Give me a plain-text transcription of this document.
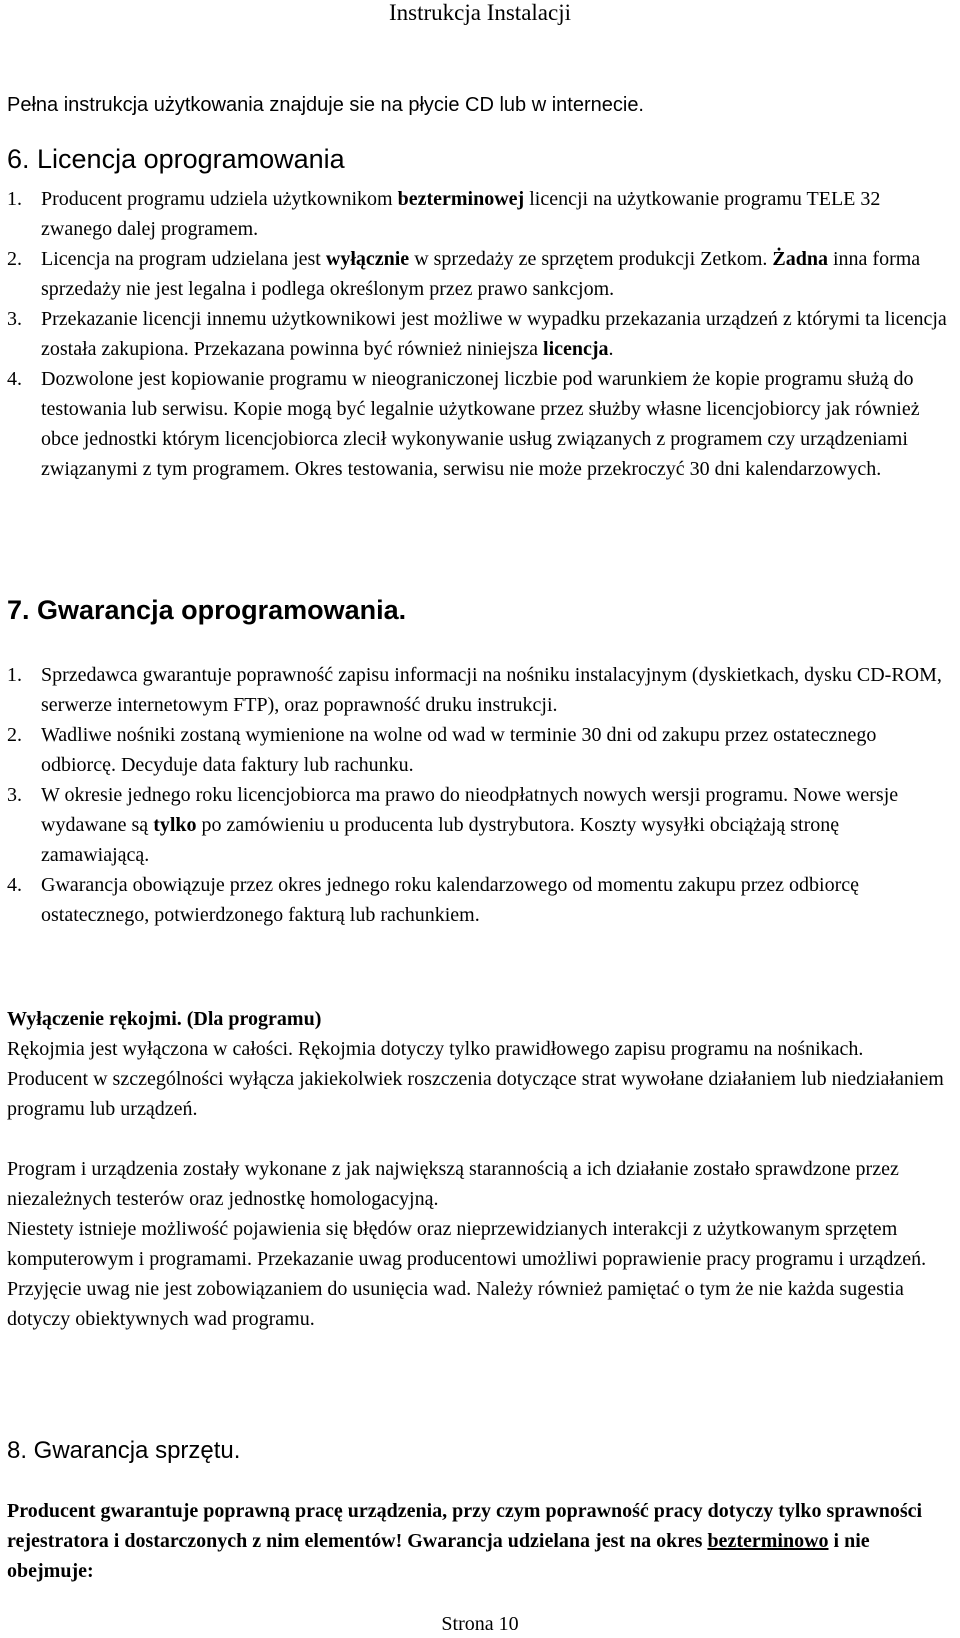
Instrukcja Instalacji
Pełna instrukcja użytkowania znajduje sie na płycie CD lub w internecie.
6. Licencja oprogramowania
1. Producent programu udziela użytkownikom bezterminowej licencji na użytkowanie programu TELE 32 zwanego dalej programem.
2. Licencja na program udzielana jest wyłącznie w sprzedaży ze sprzętem produkcji Zetkom. Żadna inna forma sprzedaży nie jest legalna i podlega określonym przez prawo sankcjom.
3. Przekazanie licencji innemu użytkownikowi jest możliwe w wypadku przekazania urządzeń z którymi ta licencja została zakupiona. Przekazana powinna być również niniejsza licencja.
4. Dozwolone jest kopiowanie programu w nieograniczonej liczbie pod warunkiem że kopie programu służą do testowania lub serwisu. Kopie mogą być legalnie użytkowane przez służby własne licencjobiorcy jak również obce jednostki którym licencjobiorca zlecił wykonywanie usług związanych z programem czy urządzeniami związanymi z tym programem. Okres testowania, serwisu nie może przekroczyć 30 dni kalendarzowych.
7. Gwarancja oprogramowania.
1. Sprzedawca gwarantuje poprawność zapisu informacji na nośniku instalacyjnym (dyskietkach, dysku CD-ROM, serwerze internetowym FTP), oraz poprawność druku instrukcji.
2. Wadliwe nośniki zostaną wymienione na wolne od wad w terminie 30 dni od zakupu przez ostatecznego odbiorcę. Decyduje data faktury lub rachunku.
3. W okresie jednego roku licencjobiorca ma prawo do nieodpłatnych nowych wersji programu. Nowe wersje wydawane są tylko po zamówieniu u producenta lub dystrybutora. Koszty wysyłki obciążają stronę zamawiającą.
4. Gwarancja obowiązuje przez okres jednego roku kalendarzowego od momentu zakupu przez odbiorcę ostatecznego, potwierdzonego fakturą lub rachunkiem.

Wyłączenie rękojmi. (Dla programu)

Rękojmia jest wyłączona w całości. Rękojmia dotyczy tylko prawidłowego zapisu programu na nośnikach.

Producent w szczególności wyłącza jakiekolwiek roszczenia dotyczące strat wywołane działaniem lub niedziałaniem programu lub urządzeń.

Program i urządzenia zostały wykonane z jak największą starannością a ich działanie zostało sprawdzone przez niezależnych testerów oraz jednostkę homologacyjną.

Niestety istnieje możliwość pojawienia się błędów oraz nieprzewidzianych interakcji z użytkowanym sprzętem komputerowym i programami. Przekazanie uwag producentowi umożliwi poprawienie pracy programu i urządzeń. Przyjęcie uwag nie jest zobowiązaniem do usunięcia wad. Należy również pamiętać o tym że nie każda sugestia dotyczy obiektywnych wad programu.

8. Gwarancja sprzętu.
Producent gwarantuje poprawną pracę urządzenia, przy czym poprawność pracy dotyczy tylko sprawności rejestratora i dostarczonych z nim elementów! Gwarancja udzielana jest na okres bezterminowo i nie obejmuje:
Strona 10
